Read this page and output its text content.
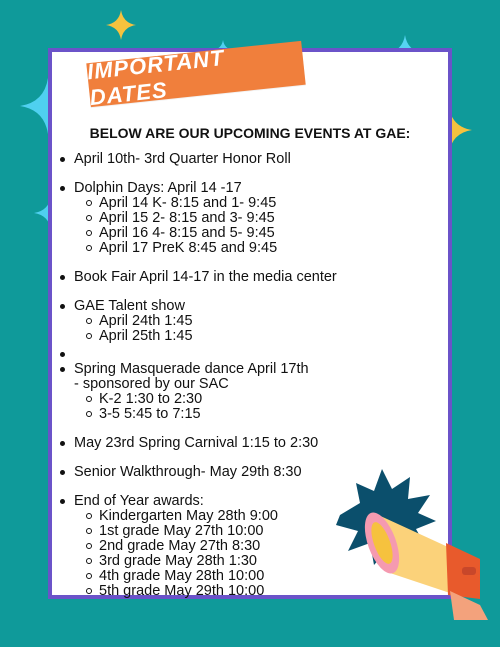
IMPORTANT DATES
BELOW ARE OUR UPCOMING EVENTS AT GAE:
April 10th- 3rd Quarter Honor Roll
Dolphin Days: April 14 -17
April 14 K- 8:15 and 1- 9:45
April 15 2- 8:15 and 3- 9:45
April 16 4- 8:15 and 5- 9:45
April 17 PreK 8:45 and 9:45
Book Fair April 14-17 in the media center
GAE Talent show
April 24th 1:45
April 25th 1:45
Spring Masquerade dance April 17th
- sponsored by our SAC
K-2 1:30 to 2:30
3-5 5:45 to 7:15
May 23rd Spring Carnival 1:15 to 2:30
Senior Walkthrough- May 29th 8:30
End of Year awards:
Kindergarten May 28th 9:00
1st grade May 27th 10:00
2nd grade May 27th 8:30
3rd grade May 28th 1:30
4th grade May 28th 10:00
5th grade May 29th 10:00
